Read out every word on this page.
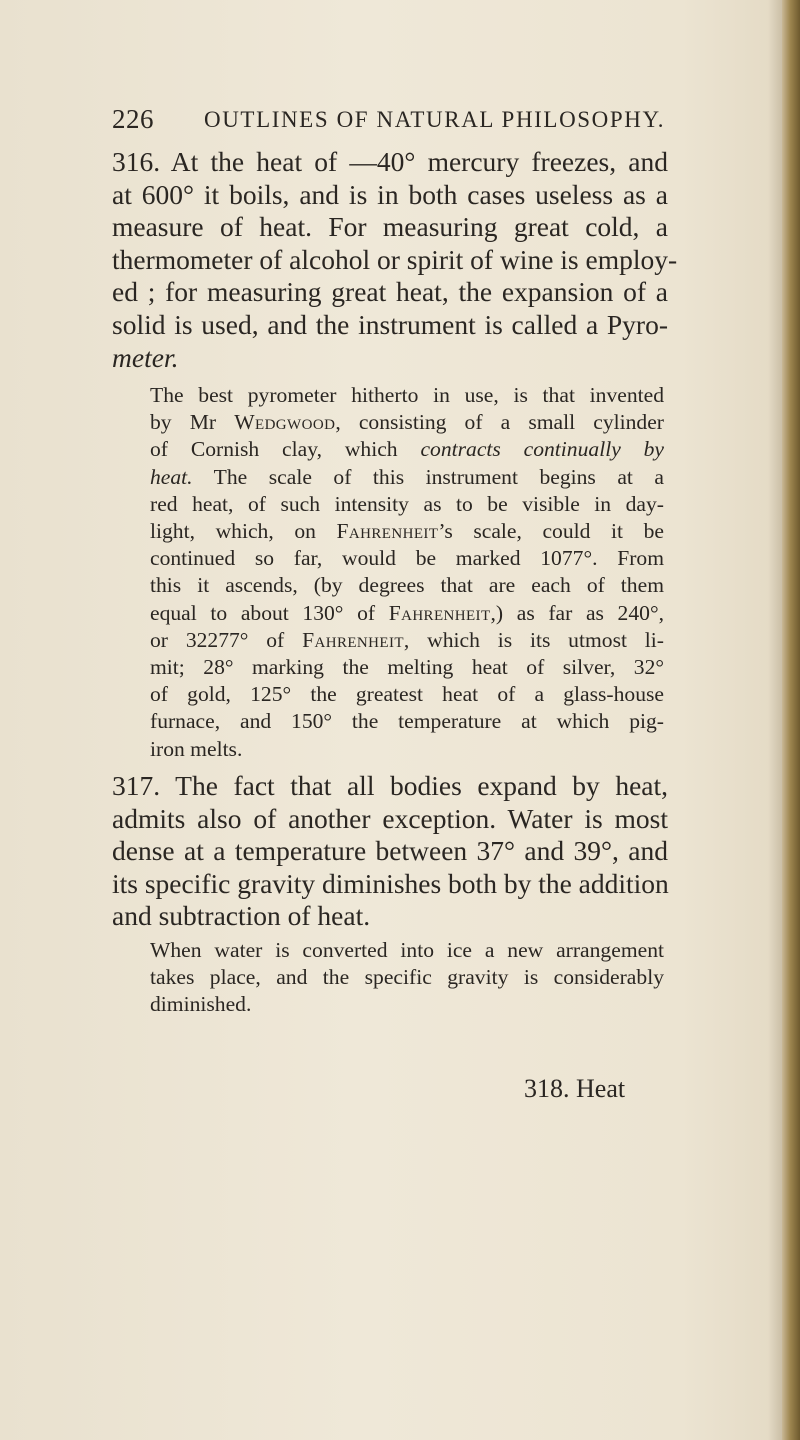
226 OUTLINES OF NATURAL PHILOSOPHY.
316. At the heat of —40° mercury freezes, and
at 600° it boils, and is in both cases useless as a
measure of heat. For measuring great cold, a
thermometer of alcohol or spirit of wine is employ-
ed ; for measuring great heat, the expansion of a
solid is used, and the instrument is called a Pyro-
meter.
The best pyrometer hitherto in use, is that invented
by Mr Wedgwood, consisting of a small cylinder
of Cornish clay, which contracts continually by
heat. The scale of this instrument begins at a
red heat, of such intensity as to be visible in day-
light, which, on Fahrenheit’s scale, could it be
continued so far, would be marked 1077°. From
this it ascends, (by degrees that are each of them
equal to about 130° of Fahrenheit,) as far as 240°,
or 32277° of Fahrenheit, which is its utmost li-
mit; 28° marking the melting heat of silver, 32°
of gold, 125° the greatest heat of a glass-house
furnace, and 150° the temperature at which pig-
iron melts.
317. The fact that all bodies expand by heat,
admits also of another exception. Water is most
dense at a temperature between 37° and 39°, and
its specific gravity diminishes both by the addition
and subtraction of heat.
When water is converted into ice a new arrangement
takes place, and the specific gravity is considerably
diminished.
318. Heat
